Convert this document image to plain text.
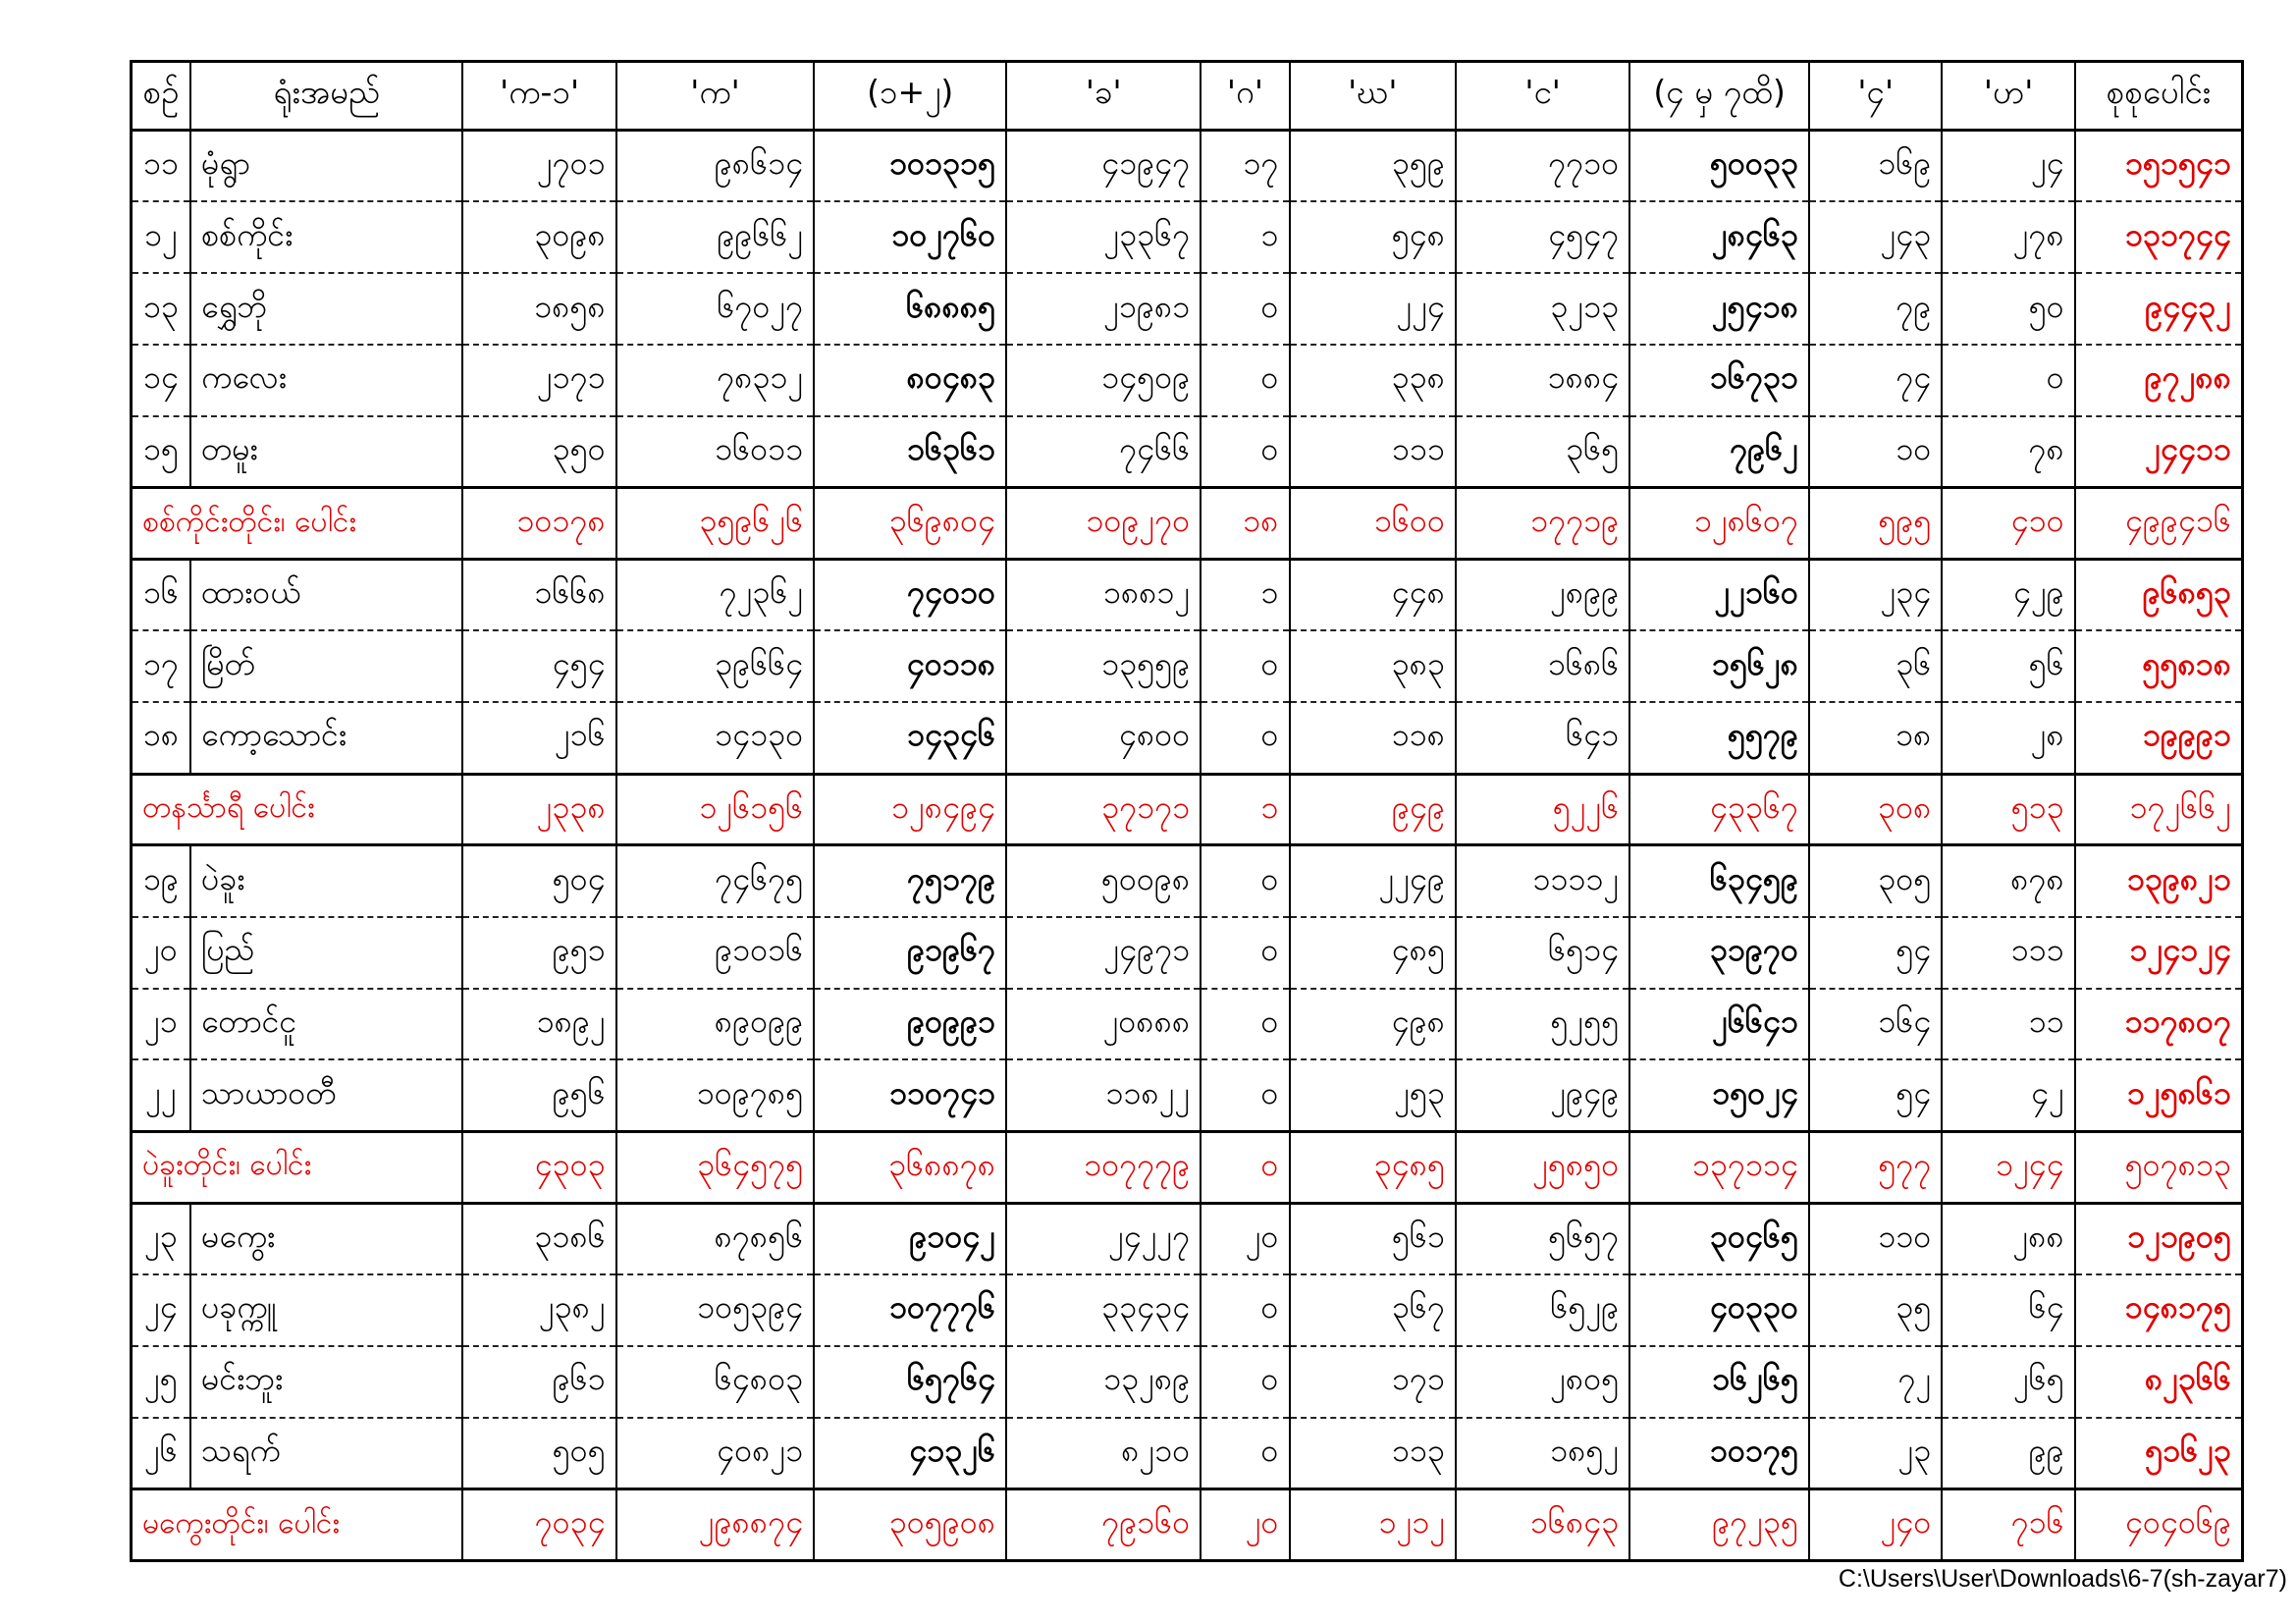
စဉ်	ရုံးအမည်	'က-၁'	'က'	(၁+၂)	'ခ'	'ဂ'	'ဃ'	'င'	(၄ မှ ၇ထိ)	'၄'	'ဟ'	စုစုပေါင်း
၁၁	မုံရွာ	၂၇၀၁	၉၈၆၁၄	၁၀၁၃၁၅	၄၁၉၄၇	၁၇	၃၅၉	၇၇၁၀	၅၀၀၃၃	၁၆၉	၂၄	၁၅၁၅၄၁
၁၂	စစ်ကိုင်း	၃၀၉၈	၉၉၆၆၂	၁၀၂၇၆၀	၂၃၃၆၇	၁	၅၄၈	၄၅၄၇	၂၈၄၆၃	၂၄၃	၂၇၈	၁၃၁၇၄၄
၁၃	ရွှေဘို	၁၈၅၈	၆၇၀၂၇	၆၈၈၈၅	၂၁၉၈၁	၀	၂၂၄	၃၂၁၃	၂၅၄၁၈	၇၉	၅၀	၉၄၄၃၂
၁၄	ကလေး	၂၁၇၁	၇၈၃၁၂	၈၀၄၈၃	၁၄၅၀၉	၀	၃၃၈	၁၈၈၄	၁၆၇၃၁	၇၄	၀	၉၇၂၈၈
၁၅	တမူး	၃၅၀	၁၆၀၁၁	၁၆၃၆၁	၇၄၆၆	၀	၁၁၁	၃၆၅	၇၉၆၂	၁၀	၇၈	၂၄၄၁၁
စစ်ကိုင်းတိုင်း၊ ပေါင်း		၁၀၁၇၈	၃၅၉၆၂၆	၃၆၉၈၀၄	၁၀၉၂၇၀	၁၈	၁၆၀၀	၁၇၇၁၉	၁၂၈၆၀၇	၅၉၅	၄၁၀	၄၉၉၄၁၆
၁၆	ထားဝယ်	၁၆၆၈	၇၂၃၆၂	၇၄၀၁၀	၁၈၈၁၂	၁	၄၄၈	၂၈၉၉	၂၂၁၆၀	၂၃၄	၄၂၉	၉၆၈၅၃
၁၇	မြိတ်	၄၅၄	၃၉၆၆၄	၄၀၁၁၈	၁၃၅၅၉	၀	၃၈၃	၁၆၈၆	၁၅၆၂၈	၃၆	၅၆	၅၅၈၁၈
၁၈	ကော့သောင်း	၂၁၆	၁၄၁၃၀	၁၄၃၄၆	၄၈၀၀	၀	၁၁၈	၆၄၁	၅၅၇၉	၁၈	၂၈	၁၉၉၉၁
တနင်္သာရီ ပေါင်း		၂၃၃၈	၁၂၆၁၅၆	၁၂၈၄၉၄	၃၇၁၇၁	၁	၉၄၉	၅၂၂၆	၄၃၃၆၇	၃၀၈	၅၁၃	၁၇၂၆၆၂
၁၉	ပဲခူး	၅၀၄	၇၄၆၇၅	၇၅၁၇၉	၅၀၀၉၈	၀	၂၂၄၉	၁၁၁၁၂	၆၃၄၅၉	၃၀၅	၈၇၈	၁၃၉၈၂၁
၂၀	ပြည်	၉၅၁	၉၁၀၁၆	၉၁၉၆၇	၂၄၉၇၁	၀	၄၈၅	၆၅၁၄	၃၁၉၇၀	၅၄	၁၁၁	၁၂၄၁၂၄
၂၁	တောင်ငူ	၁၈၉၂	၈၉၀၉၉	၉၀၉၉၁	၂၀၈၈၈	၀	၄၉၈	၅၂၅၅	၂၆၆၄၁	၁၆၄	၁၁	၁၁၇၈၀၇
၂၂	သာယာဝတီ	၉၅၆	၁၀၉၇၈၅	၁၁၀၇၄၁	၁၁၈၂၂	၀	၂၅၃	၂၉၄၉	၁၅၀၂၄	၅၄	၄၂	၁၂၅၈၆၁
ပဲခူးတိုင်း၊ ပေါင်း		၄၃၀၃	၃၆၄၅၇၅	၃၆၈၈၇၈	၁၀၇၇၇၉	၀	၃၄၈၅	၂၅၈၅၀	၁၃၇၁၁၄	၅၇၇	၁၂၄၄	၅၀၇၈၁၃
၂၃	မကွေး	၃၁၈၆	၈၇၈၅၆	၉၁၀၄၂	၂၄၂၂၇	၂၀	၅၆၁	၅၆၅၇	၃၀၄၆၅	၁၁၀	၂၈၈	၁၂၁၉၀၅
၂၄	ပခုက္ကူ	၂၃၈၂	၁၀၅၃၉၄	၁၀၇၇၇၆	၃၃၄၃၄	၀	၃၆၇	၆၅၂၉	၄၀၃၃၀	၃၅	၆၄	၁၄၈၁၇၅
၂၅	မင်းဘူး	၉၆၁	၆၄၈၀၃	၆၅၇၆၄	၁၃၂၈၉	၀	၁၇၁	၂၈၀၅	၁၆၂၆၅	၇၂	၂၆၅	၈၂၃၆၆
၂၆	သရက်	၅၀၅	၄၀၈၂၁	၄၁၃၂၆	၈၂၁၀	၀	၁၁၃	၁၈၅၂	၁၀၁၇၅	၂၃	၉၉	၅၁၆၂၃
မကွေးတိုင်း၊ ပေါင်း		၇၀၃၄	၂၉၈၈၇၄	၃၀၅၉၀၈	၇၉၁၆၀	၂၀	၁၂၁၂	၁၆၈၄၃	၉၇၂၃၅	၂၄၀	၇၁၆	၄၀၄၀၆၉
C:\Users\User\Downloads\6-7(sh-zayar7)
